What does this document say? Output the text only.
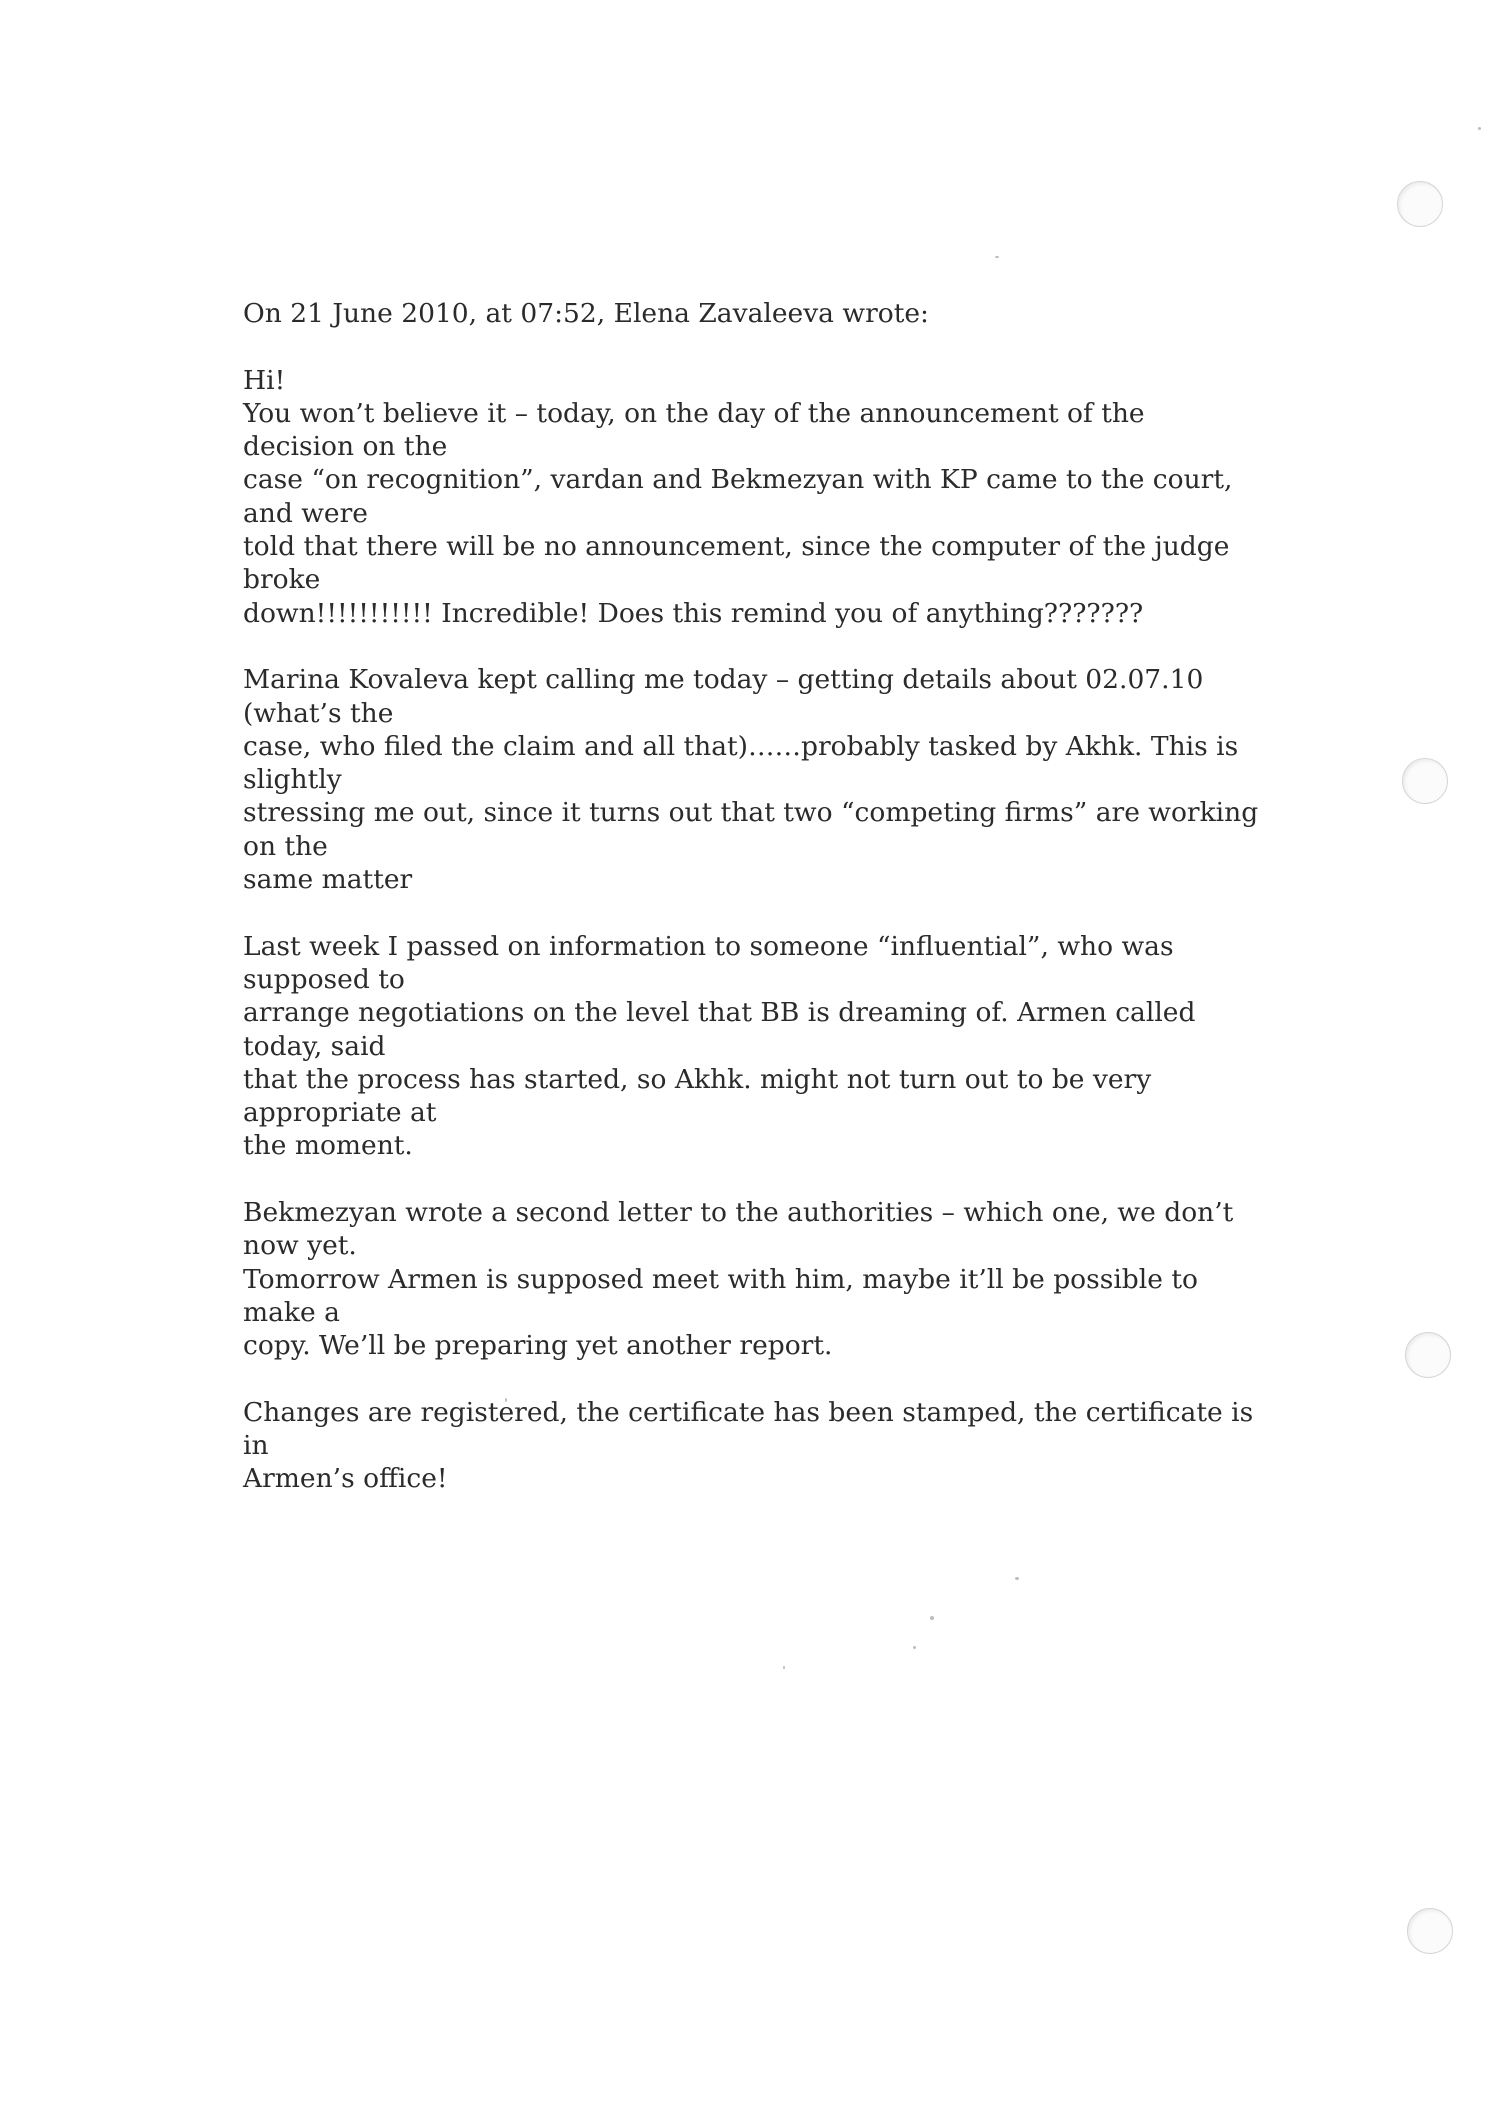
On 21 June 2010, at 07:52, Elena Zavaleeva wrote:

Hi!

You won’t believe it – today, on the day of the announcement of the decision on the
case “on recognition”, vardan and Bekmezyan with KP came to the court, and were
told that there will be no announcement, since the computer of the judge broke
down!!!!!!!!!!! Incredible! Does this remind you of anything???????

Marina Kovaleva kept calling me today – getting details about 02.07.10 (what’s the
case, who filed the claim and all that)……probably tasked by Akhk. This is slightly
stressing me out, since it turns out that two “competing firms” are working on the
same matter

Last week I passed on information to someone “influential”, who was supposed to
arrange negotiations on the level that BB is dreaming of. Armen called today, said
that the process has started, so Akhk. might not turn out to be very appropriate at
the moment.

Bekmezyan wrote a second letter to the authorities – which one, we don’t now yet.
Tomorrow Armen is supposed meet with him, maybe it’ll be possible to make a
copy. We’ll be preparing yet another report.

Changes are registered, the certificate has been stamped, the certificate is in
Armen’s office!
